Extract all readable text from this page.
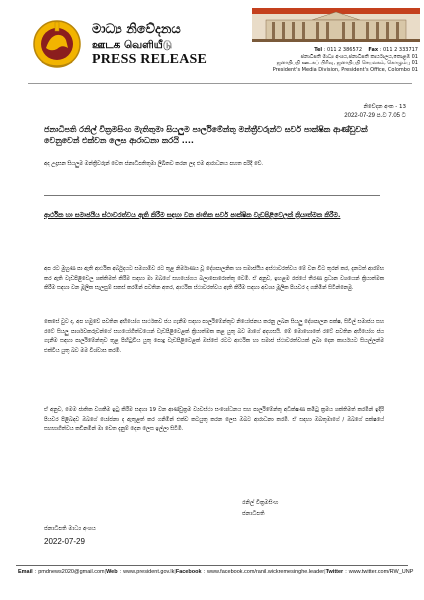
මාධ්‍ය නිවේදනය
ஊடக வெளியீடு
PRESS RELEASE
Tel : 011 2 386572 Fax : 011 2 333717
ජනාධිපති මාධ්‍ය අංශය,ජනාධිපති කාර්යාලය,කොළඹ 01
ஜனாதிபதி ஊடகப் பிரிவு, ஜனாதிபதி செயலகம், கொழும்பு 01
President's Media Division, President's Office, Colombo 01
නිවේදන අංක - 13
2022-07-29 ප.ව 7.05 ට
ජනාධිපති රනිල් වික්‍රමසිංහ මැතිතුමා සියලුම පාර්ලිමේන්තු මන්ත්‍රීවරුන්ට සර්ව පාක්ෂික ආණ්ඩුවක් වෙනුවෙන් එක්වන ලෙස ආරාධනා කරයි ....
අද උදෑසන සියලුම මන්ත්‍රීවරුන් වෙත ජනාධිපතිතුමා ලිඛිතව කරන ලද එම ආරාධනය පහත පරිදි වේ.
ආර්ථික හා සමාජයීය ස්ථාවරත්වය ඇති කිරීම සඳහා වන ජාතික සර්ව පාක්ෂික වැඩපිළිවෙලක් ක්‍රියාත්මක කිරීම.
අප රට මුහුණ පා ඇති ආර්ථික අර්බුදයට සමගාමීව රට තුළ නිර්මාණය වූ දේශපාලනික හා සමාජයීය අස්ථාවරත්වය මේ වන විට තුරන් කර, දැනටත් ආරම්භ කර ඇති වැඩපිළිවෙල ශක්තිමත් කිරීම සඳහා මා ඔබගේ සහයෝගය බලාපොරොත්තු වෙමි. ඒ අනුව, ඉහළම රජයේ තීරණ ප්‍රධාන වශයෙන් ක්‍රියාත්මක කිරීම සඳහා වන මූලික සැලසුම් සකස් කරමින් පවතින අතර, ආර්ථික ස්ථාවරත්වය ඇති කිරීම සඳහා අවශ්‍ය මූලික පියවර ද ගනිමින් සිටින්නෙමු.
කෙසේ වුව ද, අප හමුවේ පවතින අභියෝග සාර්ථකව ජය ගැනීම සඳහා පාර්ලිමේන්තුව නියෝජනය කරනු ලබන සියලු දේශපාලන පක්ෂ, සිවිල් සමාජය සහ රටේ සියලු පාර්ශවකරුවන්ගේ සහයෝගීත්වයෙන් වැඩපිළිවෙළක් ක්‍රියාත්මක කළ යුතු බව මාගේ අදහසයි. මේ මොහොතේ රටේ පවතින අභියෝග ජය ගැනීම සඳහා පාර්ලිමේන්තුව තුළ පිහිටුවිය යුතු පොදු වැඩපිළිවෙළක් ඔස්සේ රටට ආර්ථික හා සමාජ ස්ථාවරත්වයක් ලබා දෙන කාර්යයට සියල්ලන්ම එක්විය යුතු බව මම විශ්වාස කරමි.
ඒ අනුව, මෙම ජාතික වගකීම ඉටු කිරීම සඳහා 19 වන ආණ්ඩුක්‍රම ව්‍යවස්ථා සංශෝධනය සහ පාර්ලිමේන්තු අධීක්ෂණ කමිටු ක්‍රමය ශක්තිමත් කරමින් ඉදිරි පියවර පිළිබඳව ඔබගේ යෝජනා ද ඇතුළත් කර ගනිමින් එක්ව කටයුතු කරන ලෙස ඔබට ආරාධනා කරමි. ඒ සඳහා ඔබතුමාගේ / ඔබගේ පක්ෂයේ සහභාගිත්වය කඩිනමින් මා වෙත දැනුම් දෙන ලෙස ඉල්ලා සිටිමි.
රනිල් වික්‍රමසිංහ
ජනාධිපති
ජනාධිපති මාධ්‍ය අංශය
2022-07-29
Email : pmdnews2020@gmail.com | Web : www.president.gov.lk | Facebook : www.facebook.com/ranil.wickremesinghe.leader | Twitter : www.twitter.com/RW_UNP
